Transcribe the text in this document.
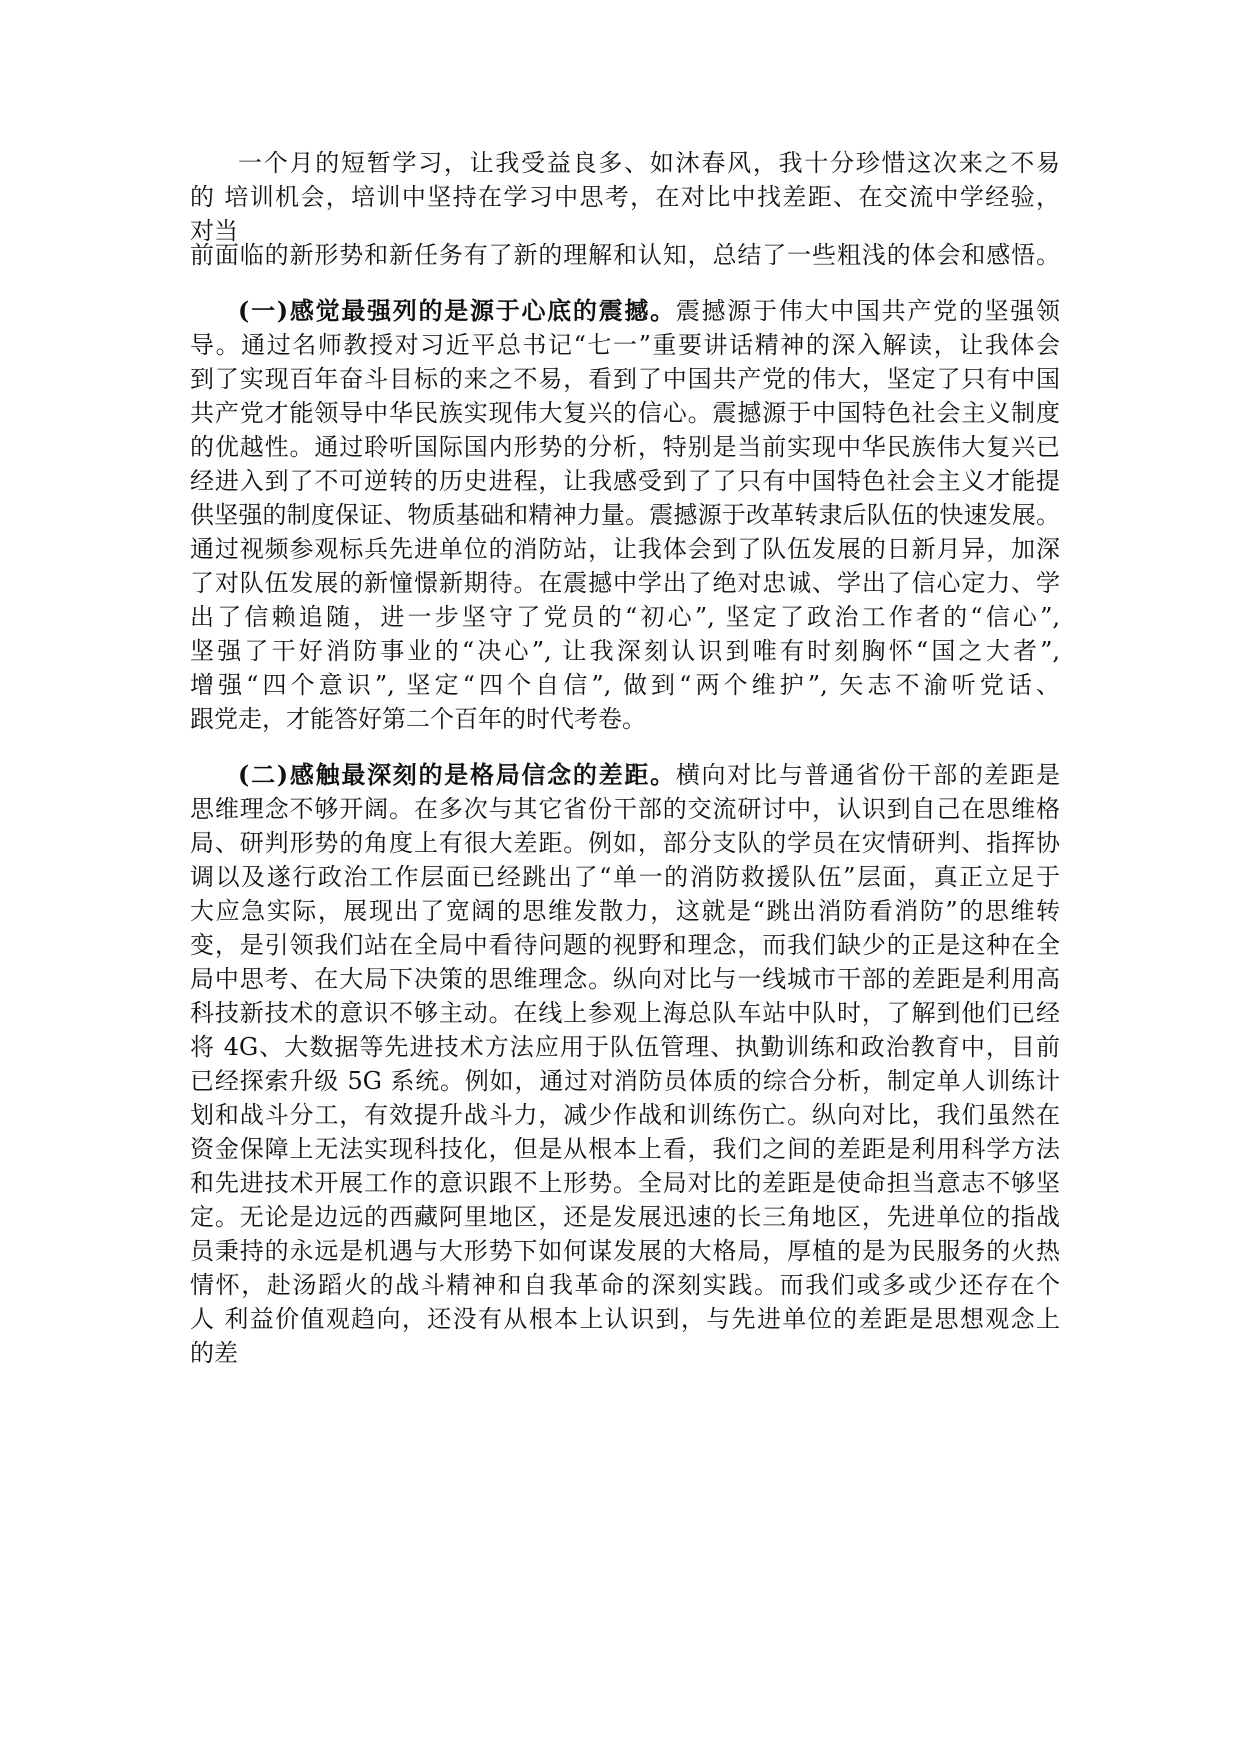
一个月的短暂学习，让我受益良多、如沐春风，我十分珍惜这次来之不易
的 培训机会，培训中坚持在学习中思考，在对比中找差距、在交流中学经验，
对当
前面临的新形势和新任务有了新的理解和认知，总结了一些粗浅的体会和感悟。
(一)感觉最强列的是源于心底的震撼。震撼源于伟大中国共产党的坚强领
导。通过名师教授对习近平总书记“七一”重要讲话精神的深入解读，让我体会
到了实现百年奋斗目标的来之不易，看到了中国共产党的伟大，坚定了只有中国
共产党才能领导中华民族实现伟大复兴的信心。震撼源于中国特色社会主义制度
的优越性。通过聆听国际国内形势的分析，特别是当前实现中华民族伟大复兴已
经进入到了不可逆转的历史进程，让我感受到了了只有中国特色社会主义才能提
供坚强的制度保证、物质基础和精神力量。震撼源于改革转隶后队伍的快速发展。
通过视频参观标兵先进单位的消防站，让我体会到了队伍发展的日新月异，加深
了对队伍发展的新憧憬新期待。在震撼中学出了绝对忠诚、学出了信心定力、学
出了信赖追随，进一步坚守了党员的“初心”, 坚定了政治工作者的“信心”,
坚强了干好消防事业的“决心”, 让我深刻认识到唯有时刻胸怀“国之大者”,
增强“四个意识”, 坚定“四个自信”, 做到“两个维护”, 矢志不渝听党话、
跟党走，才能答好第二个百年的时代考卷。
(二)感触最深刻的是格局信念的差距。横向对比与普通省份干部的差距是
思维理念不够开阔。在多次与其它省份干部的交流研讨中，认识到自己在思维格
局、研判形势的角度上有很大差距。例如，部分支队的学员在灾情研判、指挥协
调以及遂行政治工作层面已经跳出了“单一的消防救援队伍”层面，真正立足于
大应急实际，展现出了宽阔的思维发散力，这就是“跳出消防看消防”的思维转
变，是引领我们站在全局中看待问题的视野和理念，而我们缺少的正是这种在全
局中思考、在大局下决策的思维理念。纵向对比与一线城市干部的差距是利用高
科技新技术的意识不够主动。在线上参观上海总队车站中队时，了解到他们已经
将 4G、大数据等先进技术方法应用于队伍管理、执勤训练和政治教育中，目前
已经探索升级 5G 系统。例如，通过对消防员体质的综合分析，制定单人训练计
划和战斗分工，有效提升战斗力，减少作战和训练伤亡。纵向对比，我们虽然在
资金保障上无法实现科技化，但是从根本上看，我们之间的差距是利用科学方法
和先进技术开展工作的意识跟不上形势。全局对比的差距是使命担当意志不够坚
定。无论是边远的西藏阿里地区，还是发展迅速的长三角地区，先进单位的指战
员秉持的永远是机遇与大形势下如何谋发展的大格局，厚植的是为民服务的火热
情怀，赴汤蹈火的战斗精神和自我革命的深刻实践。而我们或多或少还存在个
人 利益价值观趋向，还没有从根本上认识到，与先进单位的差距是思想观念上
的差
